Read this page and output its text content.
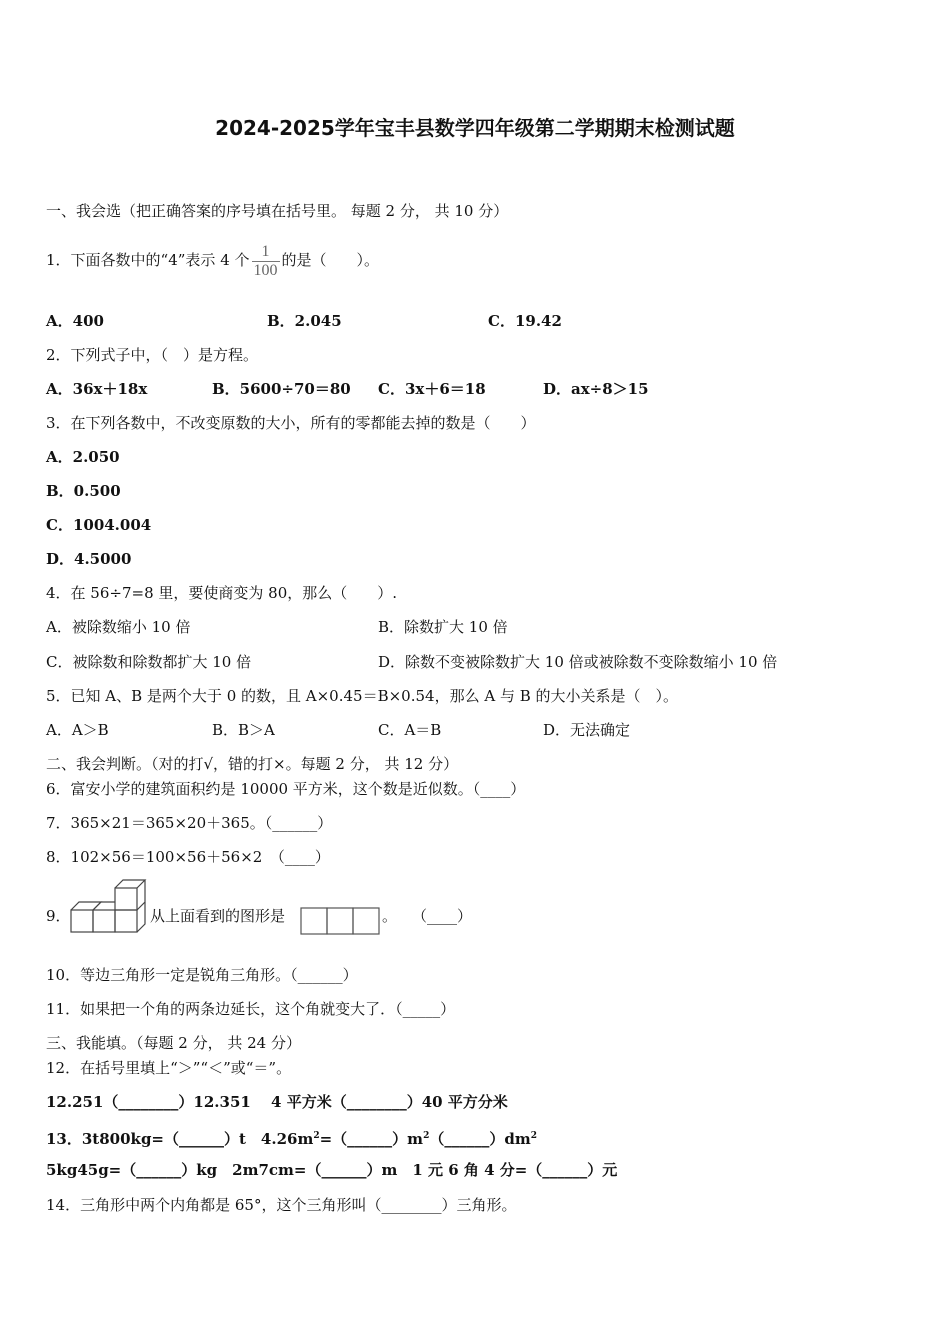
2024-2025学年宝丰县数学四年级第二学期期末检测试题
一、我会选（把正确答案的序号填在括号里。 每题 2 分， 共 10 分）
1．下面各数中的“4”表示 4 个 $\frac{1}{100}$ 的是（　　）。
A．400	B．2.045	C．19.42
2．下列式子中，（　）是方程。
A．36x＋18x	B．5600÷70＝80 C．3x＋6＝18	D．ax÷8＞15
3．在下列各数中，不改变原数的大小，所有的零都能去掉的数是（　　）
A．2.050
B．0.500
C．1004.004
D．4.5000
4．在 56÷7=8 里，要使商变为 80，那么（　　）.
A．被除数缩小 10 倍	B．除数扩大 10 倍
C．被除数和除数都扩大 10 倍	D．除数不变被除数扩大 10 倍或被除数不变除数缩小 10 倍
5．已知 A、B 是两个大于 0 的数，且 A×0.45＝B×0.54，那么 A 与 B 的大小关系是（　）。
A．A＞B	B．B＞A	C．A＝B	D．无法确定
二、我会判断。（对的打√，错的打×。每题 2 分， 共 12 分）
6．富安小学的建筑面积约是 10000 平方米，这个数是近似数。（____）
7．365×21＝365×20＋365。（______）
8．102×56＝100×56＋56×2　（____）
9．	从上面看到的图形是	。　　（____）
10．等边三角形一定是锐角三角形。（______）
11．如果把一个角的两条边延长，这个角就变大了．（_____）
三、我能填。（每题 2 分， 共 24 分）
12．在括号里填上“＞”“＜”或“＝”。
12.251（________）12.351　 4 平方米（________）40 平方分米
13．3t800kg=（______）t　$4.26m^2=(\_\_\_\_\_\_)m^2(\_\_\_\_\_\_)dm^2$
5kg45g=（______）kg　2m7cm=（______）m　1 元 6 角 4 分=（______）元
14．三角形中两个内角都是 65°，这个三角形叫（________）三角形。
